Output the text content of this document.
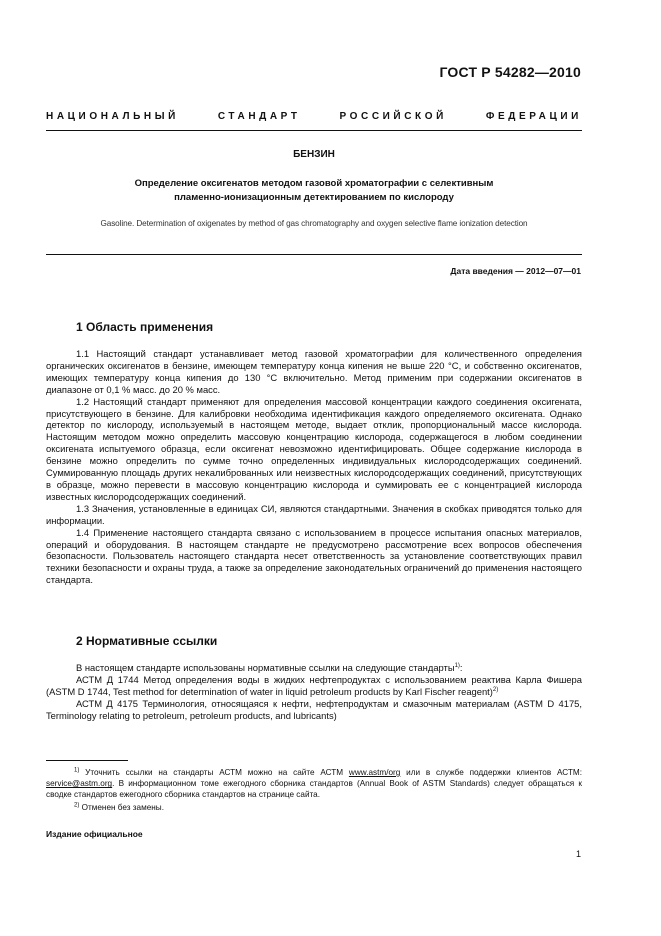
ГОСТ Р 54282—2010
НАЦИОНАЛЬНЫЙ	СТАНДАРТ	РОССИЙСКОЙ	ФЕДЕРАЦИИ
БЕНЗИН
Определение оксигенатов методом газовой хроматографии с селективным
пламенно-ионизационным детектированием по кислороду
Gasoline. Determination of oxigenates by method of gas chromatography and oxygen selective flame ionization detection
Дата введения — 2012—07—01
1 Область применения
1.1 Настоящий стандарт устанавливает метод газовой хроматографии для количественного определения органических оксигенатов в бензине, имеющем температуру конца кипения не выше 220 °С, и собственно оксигенатов, имеющих температуру конца кипения до 130 °С включительно. Метод применим при содержании оксигенатов в диапазоне от 0,1 % масс. до 20 % масс.
1.2 Настоящий стандарт применяют для определения массовой концентрации каждого соединения оксигената, присутствующего в бензине. Для калибровки необходима идентификация каждого определяемого оксигената. Однако детектор по кислороду, используемый в настоящем методе, выдает отклик, пропорциональный массе кислорода. Настоящим методом можно определить массовую концентрацию кислорода, содержащегося в любом соединении оксигената испытуемого образца, если оксигенат невозможно идентифицировать. Общее содержание кислорода в бензине можно определить по сумме точно определенных индивидуальных кислородсодержащих соединений. Суммированную площадь других некалиброванных или неизвестных кислородсодержащих соединений, присутствующих в образце, можно перевести в массовую концентрацию кислорода и суммировать ее с концентрацией кислорода известных кислородсодержащих соединений.
1.3 Значения, установленные в единицах СИ, являются стандартными. Значения в скобках приводятся только для информации.
1.4 Применение настоящего стандарта связано с использованием в процессе испытания опасных материалов, операций и оборудования. В настоящем стандарте не предусмотрено рассмотрение всех вопросов обеспечения безопасности. Пользователь настоящего стандарта несет ответственность за установление соответствующих правил техники безопасности и охраны труда, а также за определение законодательных ограничений до применения настоящего стандарта.
2 Нормативные ссылки
В настоящем стандарте использованы нормативные ссылки на следующие стандарты$^{1)}$:
АСТМ Д 1744 Метод определения воды в жидких нефтепродуктах с использованием реактива Карла Фишера (ASTM D 1744, Test method for determination of water in liquid petroleum products by Karl Fischer reagent)$^{2)}$
АСТМ Д 4175 Терминология, относящаяся к нефти, нефтепродуктам и смазочным материалам (ASTM D 4175, Terminology relating to petroleum, petroleum products, and lubricants)
$^{1)}$ Уточнить ссылки на стандарты АСТМ можно на сайте АСТМ www.astm/org или в службе поддержки клиентов АСТМ: service@astm.org. В информационном томе ежегодного сборника стандартов (Annual Book of ASTM Standards) следует обращаться к сводке стандартов ежегодного сборника стандартов на странице сайта.
$^{2)}$ Отменен без замены.
Издание официальное
1
